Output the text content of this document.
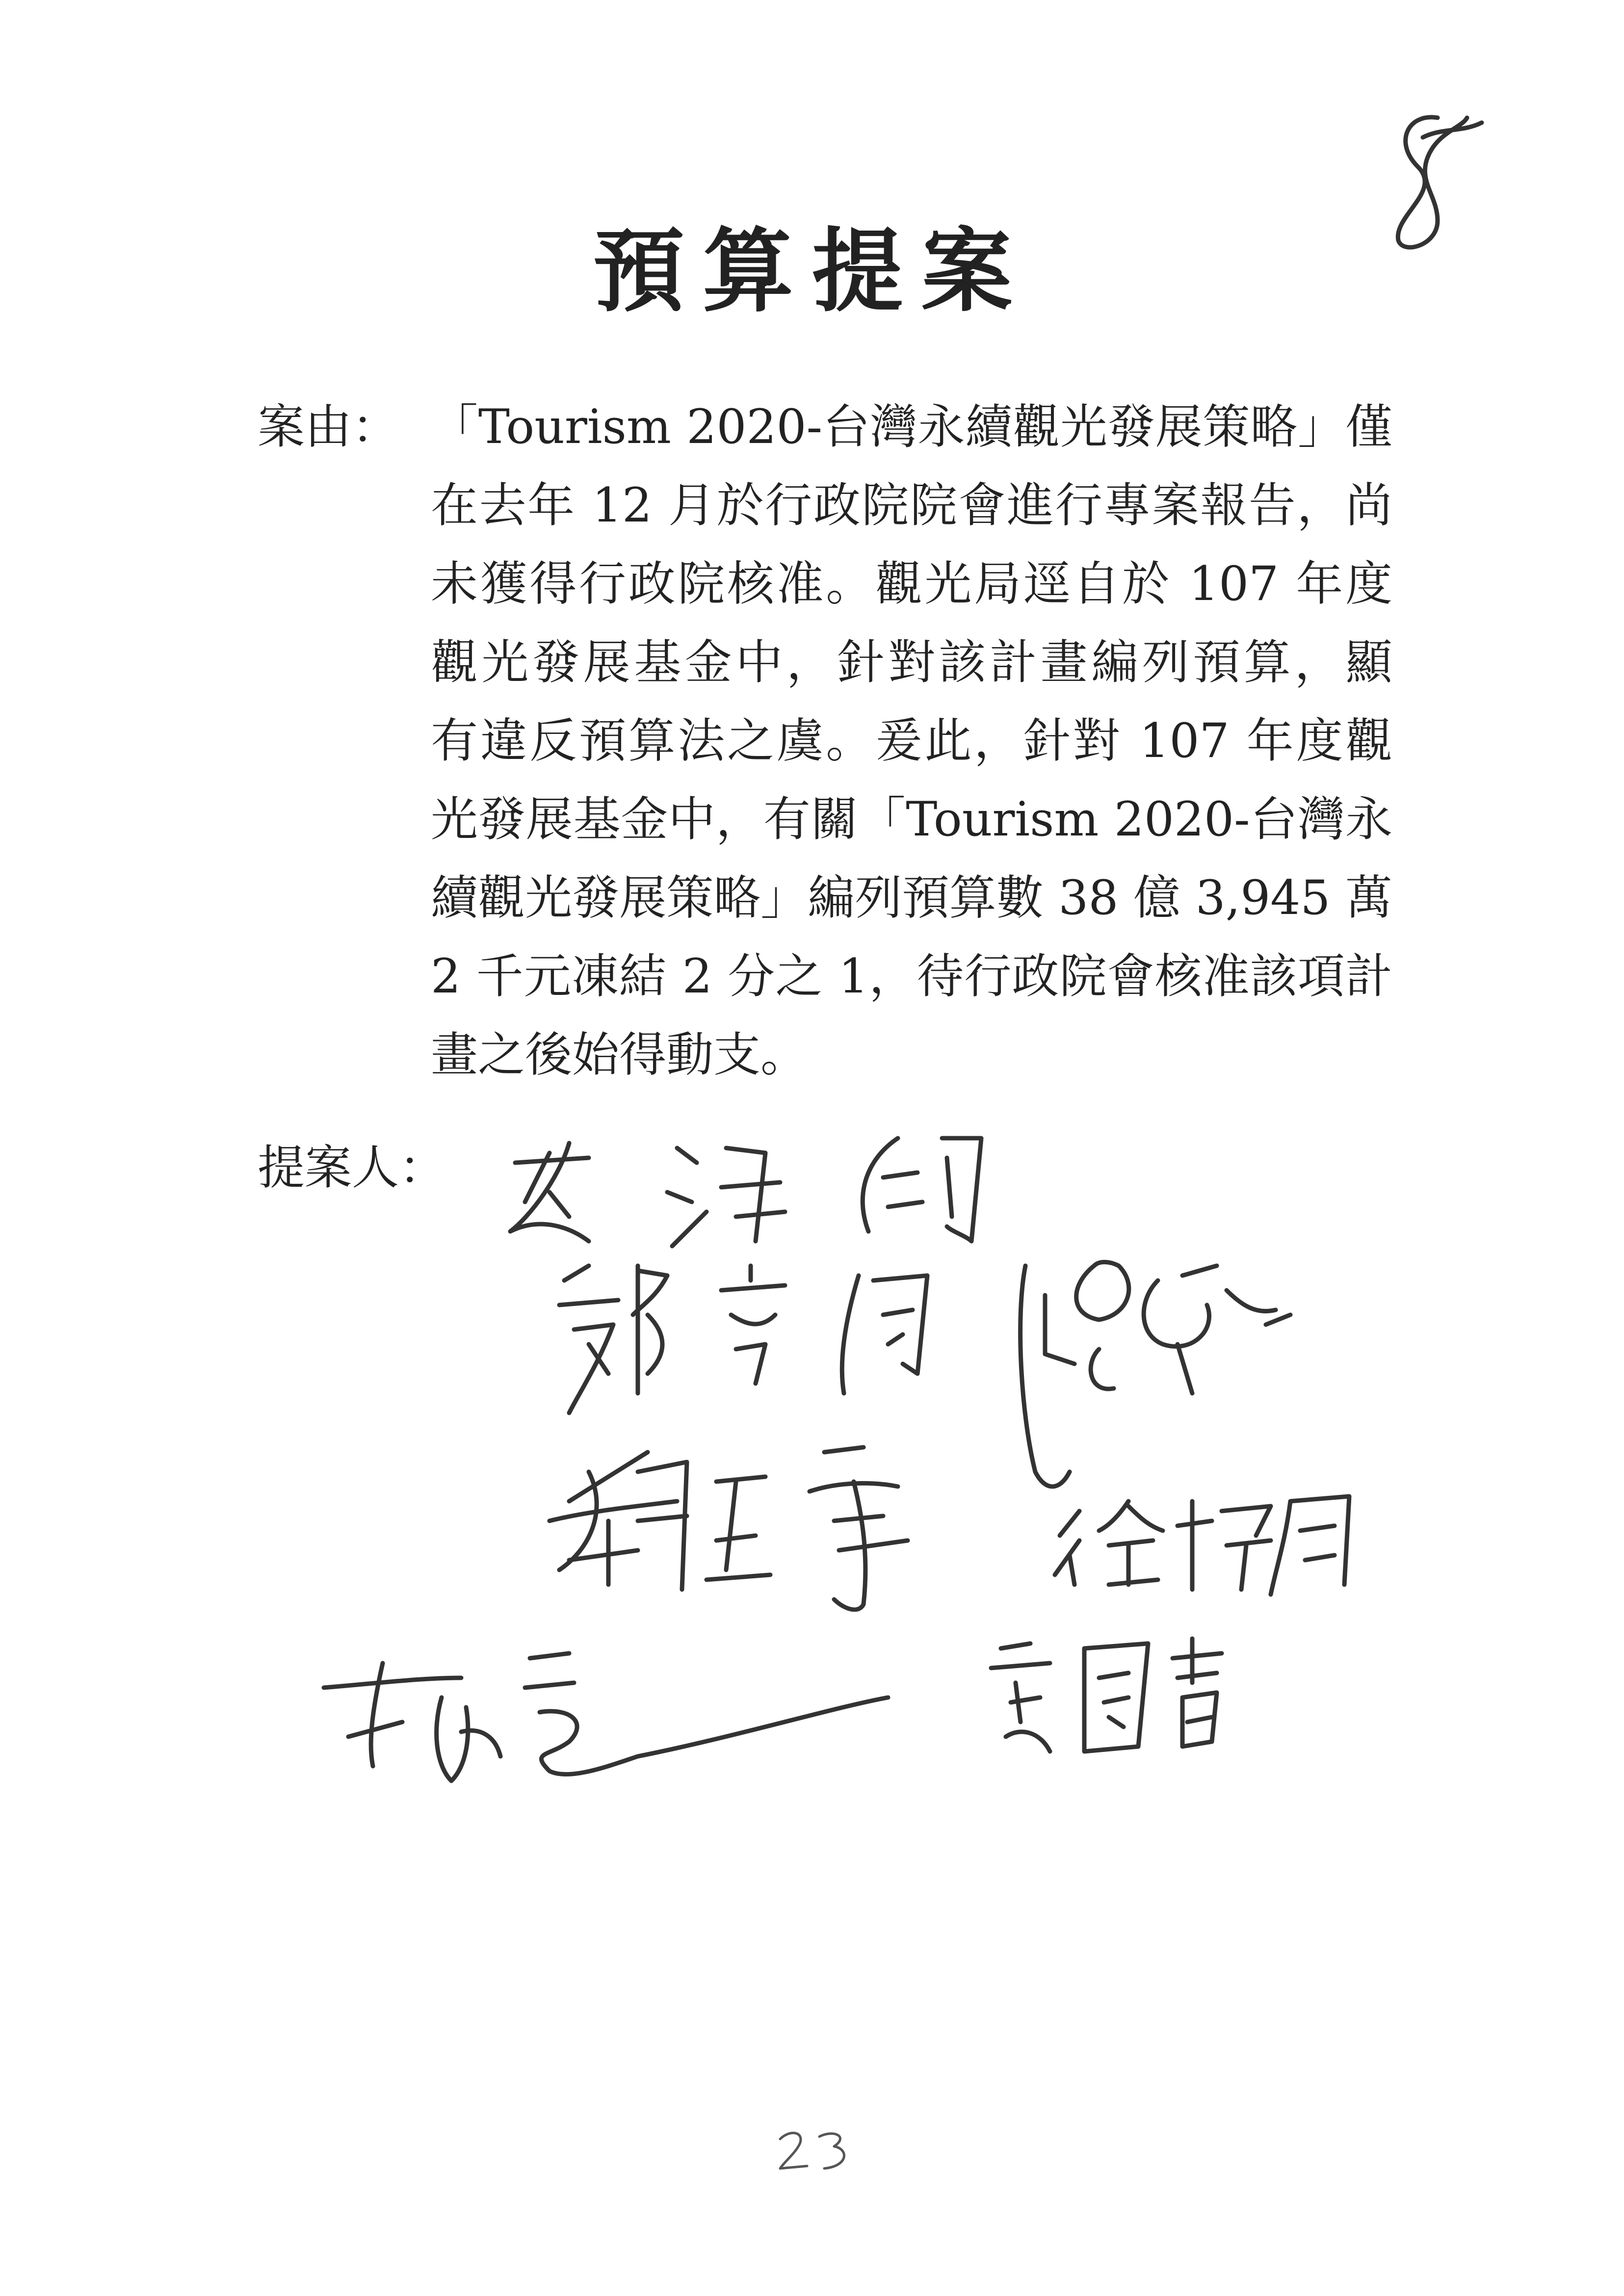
預算提案
案由： 「Tourism 2020-台灣永續觀光發展策略」僅
在去年 12 月於行政院院會進行專案報告，尚
未獲得行政院核准。觀光局逕自於 107 年度
觀光發展基金中，針對該計畫編列預算，顯
有違反預算法之虞。爰此，針對 107 年度觀
光發展基金中，有關「Tourism 2020-台灣永
續觀光發展策略」編列預算數 38 億 3,945 萬
2 千元凍結 2 分之 1，待行政院會核准該項計
畫之後始得動支。
提案人：
